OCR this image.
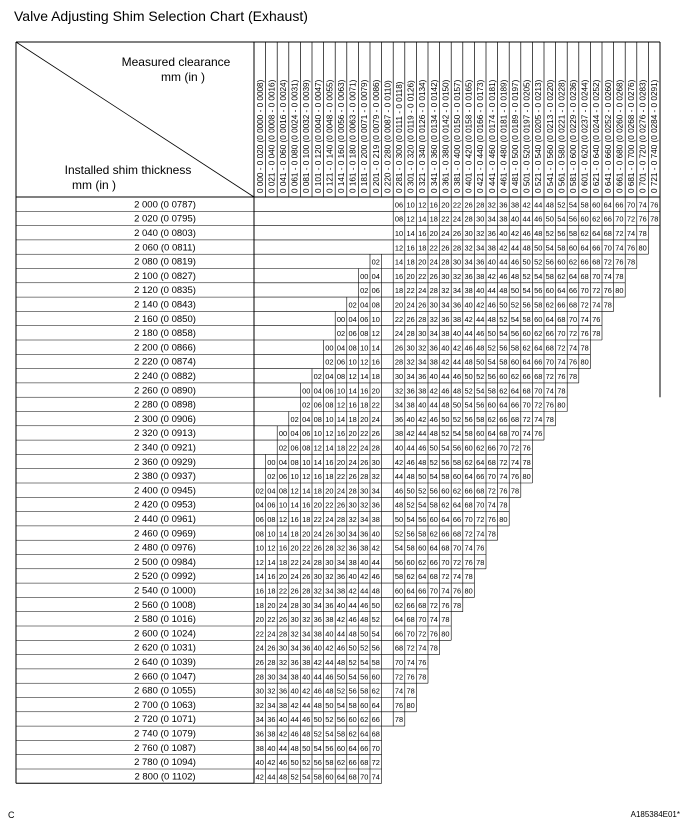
Valve Adjusting Shim Selection Chart (Exhaust)
Measured clearance
mm (in )
Installed shim thickness
mm (in )	0 000 - 0 020 (0 0000 - 0 0008) 0 021 - 0 040 (0 0008 - 0 0016) 0 041 - 0 060 (0 0016 - 0 0024) 0 061 - 0 080 (0 0024 - 0 0031) 0 081 - 0 100 (0 0032 - 0 0039) 0 101 - 0 120 (0 0040 - 0 0047) 0 121 - 0 140 (0 0048 - 0 0055) 0 141 - 0 160 (0 0056 - 0 0063) 0 161 - 0 180 (0 0063 - 0 0071) 0 181 - 0 200 (0 0071 - 0 0079) 0 201 - 0 219 (0 0079 - 0 0086) 0 220 - 0 280 (0 0087 - 0 0110) 0 281 - 0 300 (0 0111 - 0 0118) 0 301 - 0 320 (0 0119 - 0 0126) 0 321 - 0 340 (0 0126 - 0 0134) 0 341 - 0 360 (0 0134 - 0 0142) 0 361 - 0 380 (0 0142 - 0 0150) 0 381 - 0 400 (0 0150 - 0 0157) 0 401 - 0 420 (0 0158 - 0 0165) 0 421 - 0 440 (0 0166 - 0 0173) 0 441 - 0 460 (0 0174 - 0 0181) 0 461 - 0 480 (0 0181 - 0 0189) 0 481 - 0 500 (0 0189 - 0 0197) 0 501 - 0 520 (0 0197 - 0 0205) 0 521 - 0 540 (0 0205 - 0 0213) 0 541 - 0 560 (0 0213 - 0 0220) 0 561 - 0 580 (0 0221 - 0 0228) 0 581 - 0 600 (0 0229 - 0 0236) 0 601 - 0 620 (0 0237 - 0 0244) 0 621 - 0 640 (0 0244 - 0 0252) 0 641 - 0 660 (0 0252 - 0 0260) 0 661 - 0 680 (0 0260 - 0 0268) 0 681 - 0 700 (0 0268 - 0 0276) 0 701 - 0 720 (0 0276 - 0 0283) 0 721 - 0 740 (0 0284 - 0 0291)
2 000 (0 0787)
2 020 (0 0795)
2 040 (0 0803)
2 060 (0 0811)
2 080 (0 0819)
2 100 (0 0827)
2 120 (0 0835)
2 140 (0 0843)
2 160 (0 0850)
2 180 (0 0858)
2 200 (0 0866)
2 220 (0 0874)
2 240 (0 0882)
2 260 (0 0890)
2 280 (0 0898)
2 300 (0 0906)
2 320 (0 0913)
2 340 (0 0921)
2 360 (0 0929)
2 380 (0 0937)
2 400 (0 0945)
2 420 (0 0953)
2 440 (0 0961)
2 460 (0 0969)
2 480 (0 0976)
2 500 (0 0984)
2 520 (0 0992)
2 540 (0 1000)
2 560 (0 1008)
2 580 (0 1016)
2 600 (0 1024)
2 620 (0 1031)
2 640 (0 1039)
2 660 (0 1047)
2 680 (0 1055)
2 700 (0 1063)
2 720 (0 1071)
2 740 (0 1079)
2 760 (0 1087)
2 780 (0 1094)
2 800 (0 1102)
06 10 12 16 20 22 26 28 32 36 38 42 44 48 52 54 58 60 64 66 70 74 76
08 12 14 18 22 24 28 30 34 38 40 44 46 50 54 56 60 62 66 70 72 76 78
10 14 16 20 24 26 30 32 36 40 42 46 48 52 56 58 62 64 68 72 74 78
12 16 18 22 26 28 32 34 38 42 44 48 50 54 58 60 64 66 70 74 76 80
02 14 18 20 24 28 30 34 36 40 44 46 50 52 56 60 62 66 68 72 76 78
00 04 16 20 22 26 30 32 36 38 42 46 48 52 54 58 62 64 68 70 74 78
02 06 18 22 24 28 32 34 38 40 44 48 50 54 56 60 64 66 70 72 76 80
02 04 08 20 24 26 30 34 36 40 42 46 50 52 56 58 62 66 68 72 74 78
00 04 06 10 22 26 28 32 36 38 42 44 48 52 54 58 60 64 68 70 74 76
02 06 08 12 24 28 30 34 38 40 44 46 50 54 56 60 62 66 70 72 76 78
00 04 08 10 14 26 30 32 36 40 42 46 48 52 56 58 62 64 68 72 74 78
02 06 10 12 16 28 32 34 38 42 44 48 50 54 58 60 64 66 70 74 76 80
02 04 08 12 14 18 30 34 36 40 44 46 50 52 56 60 62 66 68 72 76 78
00 04 06 10 14 16 20 32 36 38 42 46 48 52 54 58 62 64 68 70 74 78
02 06 08 12 16 18 22 34 38 40 44 48 50 54 56 60 64 66 70 72 76 80
02 04 08 10 14 18 20 24 36 40 42 46 50 52 56 58 62 66 68 72 74 78
00 04 06 10 12 16 20 22 26 38 42 44 48 52 54 58 60 64 68 70 74 76
02 06 08 12 14 18 22 24 28 40 44 46 50 54 56 60 62 66 70 72 76
00 04 08 10 14 16 20 24 26 30 42 46 48 52 56 58 62 64 68 72 74 78
02 06 10 12 16 18 22 26 28 32 44 48 50 54 58 60 64 66 70 74 76 80
02 04 08 12 14 18 20 24 28 30 34 46 50 52 56 60 62 66 68 72 76 78
04 06 10 14 16 20 22 26 30 32 36 48 52 54 58 62 64 68 70 74 78
06 08 12 16 18 22 24 28 32 34 38 50 54 56 60 64 66 70 72 76 80
08 10 14 18 20 24 26 30 34 36 40 52 56 58 62 66 68 72 74 78
10 12 16 20 22 26 28 32 36 38 42 54 58 60 64 68 70 74 76
12 14 18 22 24 28 30 34 38 40 44 56 60 62 66 70 72 76 78
14 16 20 24 26 30 32 36 40 42 46 58 62 64 68 72 74 78
16 18 22 26 28 32 34 38 42 44 48 60 64 66 70 74 76 80
18 20 24 28 30 34 36 40 44 46 50 62 66 68 72 76 78
20 22 26 30 32 36 38 42 46 48 52 64 68 70 74 78
22 24 28 32 34 38 40 44 48 50 54 66 70 72 76 80
24 26 30 34 36 40 42 46 50 52 56 68 72 74 78
26 28 32 36 38 42 44 48 52 54 58 70 74 76
28 30 34 38 40 44 46 50 54 56 60 72 76 78
30 32 36 40 42 46 48 52 56 58 62 74 78
32 34 38 42 44 48 50 54 58 60 64 76 80
34 36 40 44 46 50 52 56 60 62 66 78
36 38 42 46 48 52 54 58 62 64 68
38 40 44 48 50 54 56 60 64 66 70
40 42 46 50 52 56 58 62 66 68 72
42 44 48 52 54 58 60 64 68 70 74
C	A185384E01*
